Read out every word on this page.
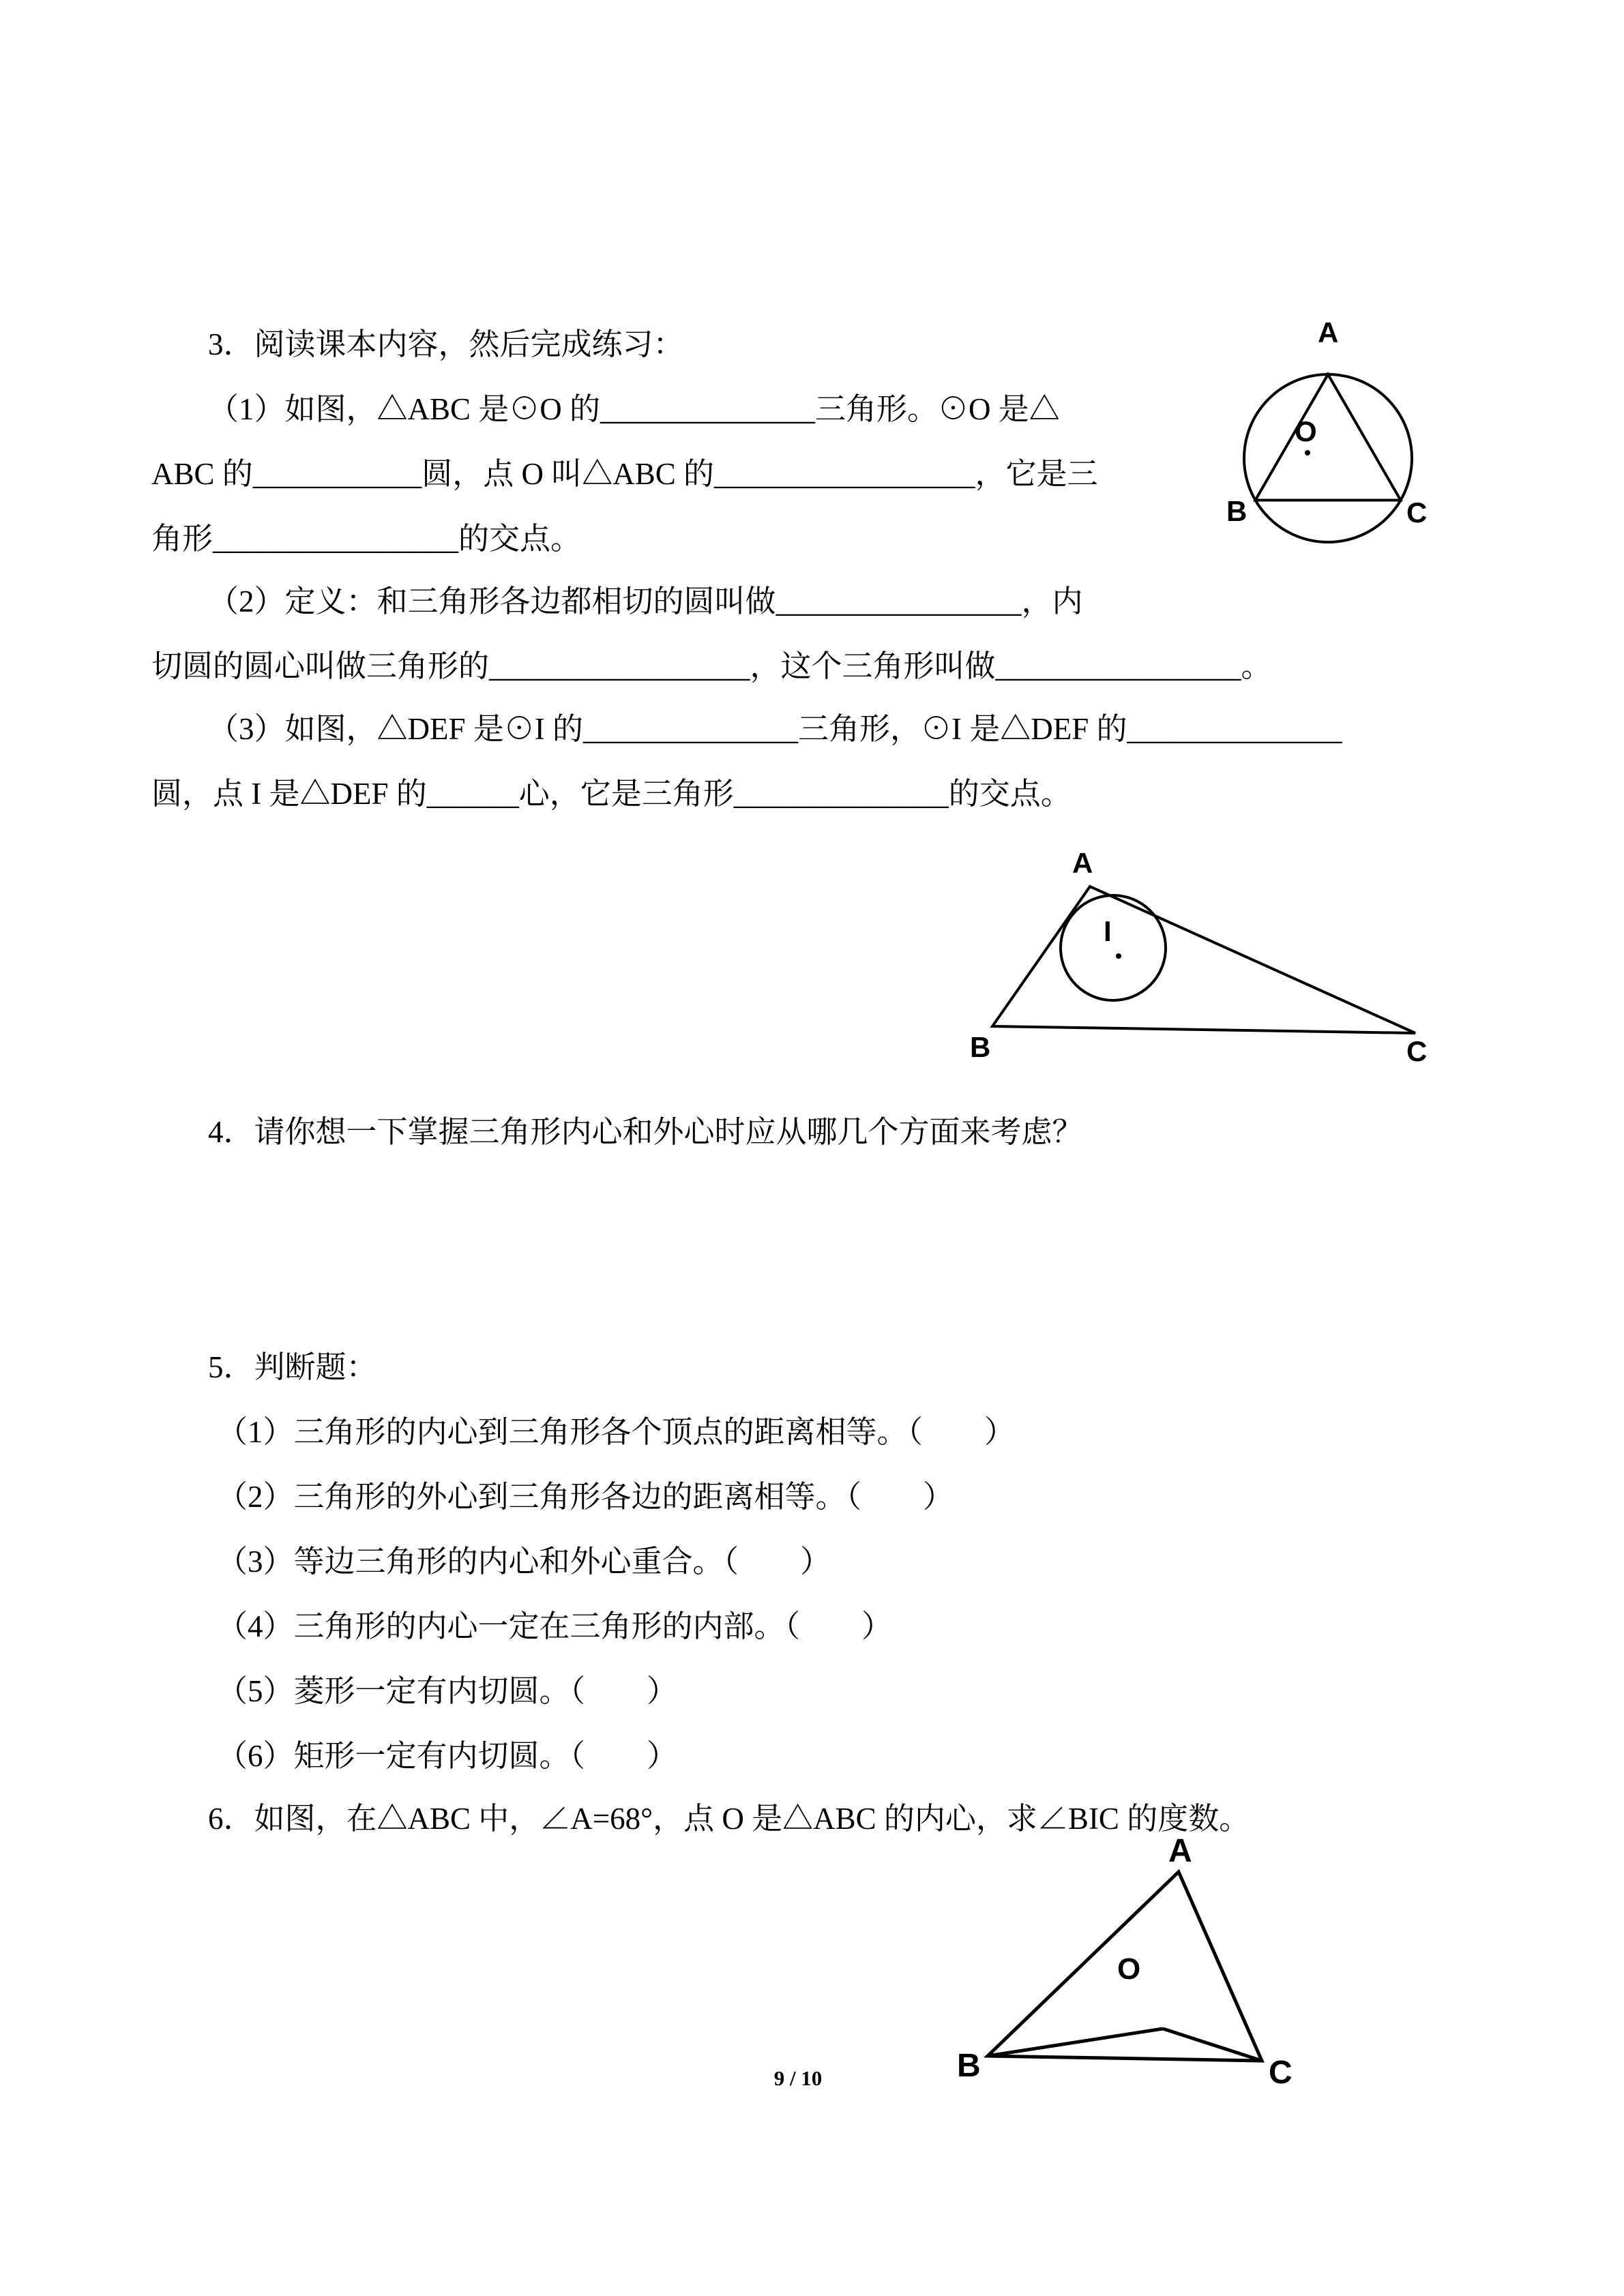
3．阅读课本内容，然后完成练习：
（1）如图，△ABC 是⊙O 的______________三角形。⊙O 是△
ABC 的___________圆，点 O 叫△ABC 的_________________，它是三
角形________________的交点。
（2）定义：和三角形各边都相切的圆叫做________________，内
切圆的圆心叫做三角形的_________________，这个三角形叫做________________。
（3）如图，△DEF 是⊙I 的______________三角形，⊙I 是△DEF 的______________
圆，点 I 是△DEF 的______心，它是三角形______________的交点。
A
B	C
O
A
B	C
I
4．请你想一下掌握三角形内心和外心时应从哪几个方面来考虑？
5．判断题：
（1）三角形的内心到三角形各个顶点的距离相等。（　　）
（2）三角形的外心到三角形各边的距离相等。（　　）
（3）等边三角形的内心和外心重合。（　　）
（4）三角形的内心一定在三角形的内部。（　　）
（5）菱形一定有内切圆。（　　）
（6）矩形一定有内切圆。（　　）
6．如图，在△ABC 中，∠A=68°，点 O 是△ABC 的内心，求∠BIC 的度数。
A
B	C
O
9 / 10
